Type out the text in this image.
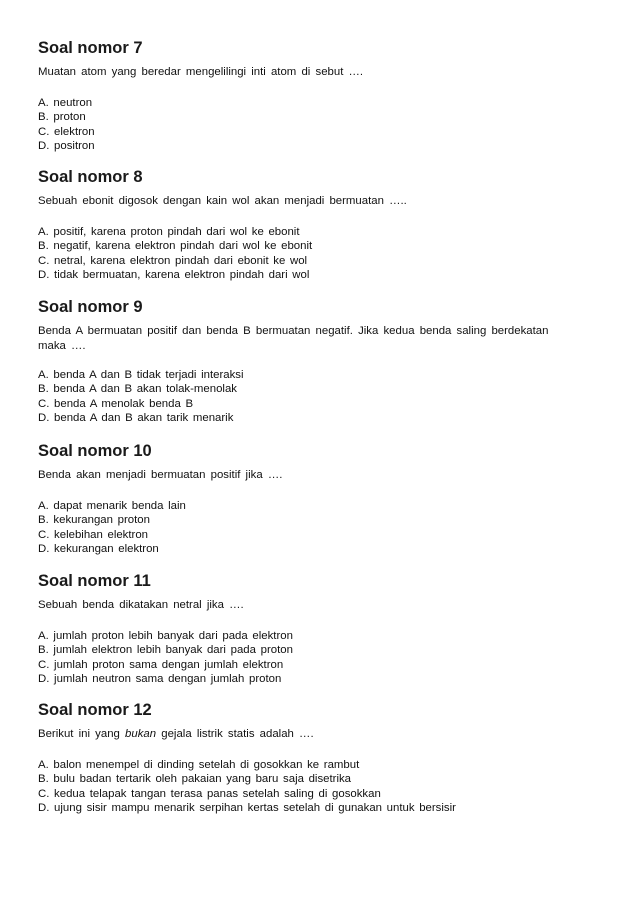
Soal nomor 7

Muatan atom yang beredar mengelilingi inti atom di sebut ….

A. neutron
B. proton
C. elektron
D. positron
Soal nomor 8

Sebuah ebonit digosok dengan kain wol akan menjadi bermuatan …..

A. positif, karena proton pindah dari wol ke ebonit
B. negatif, karena elektron pindah dari wol ke ebonit
C. netral, karena elektron pindah dari ebonit ke wol
D. tidak bermuatan, karena elektron pindah dari wol
Soal nomor 9

Benda A bermuatan positif dan benda B bermuatan negatif. Jika kedua benda saling berdekatan maka ….

A. benda A dan B tidak terjadi interaksi
B. benda A dan B akan tolak-menolak
C. benda A menolak benda B
D. benda A dan B akan tarik menarik
Soal nomor 10

Benda akan menjadi bermuatan positif jika ….

A. dapat menarik benda lain
B. kekurangan proton
C. kelebihan elektron
D. kekurangan elektron
Soal nomor 11

Sebuah benda dikatakan netral jika ….

A. jumlah proton lebih banyak dari pada elektron
B. jumlah elektron lebih banyak dari pada proton
C. jumlah proton sama dengan jumlah elektron
D. jumlah neutron sama dengan jumlah proton
Soal nomor 12

Berikut ini yang bukan gejala listrik statis adalah ….

A. balon menempel di dinding setelah di gosokkan ke rambut
B. bulu badan tertarik oleh pakaian yang baru saja disetrika
C. kedua telapak tangan terasa panas setelah saling di gosokkan
D. ujung sisir mampu menarik serpihan kertas setelah di gunakan untuk bersisir
